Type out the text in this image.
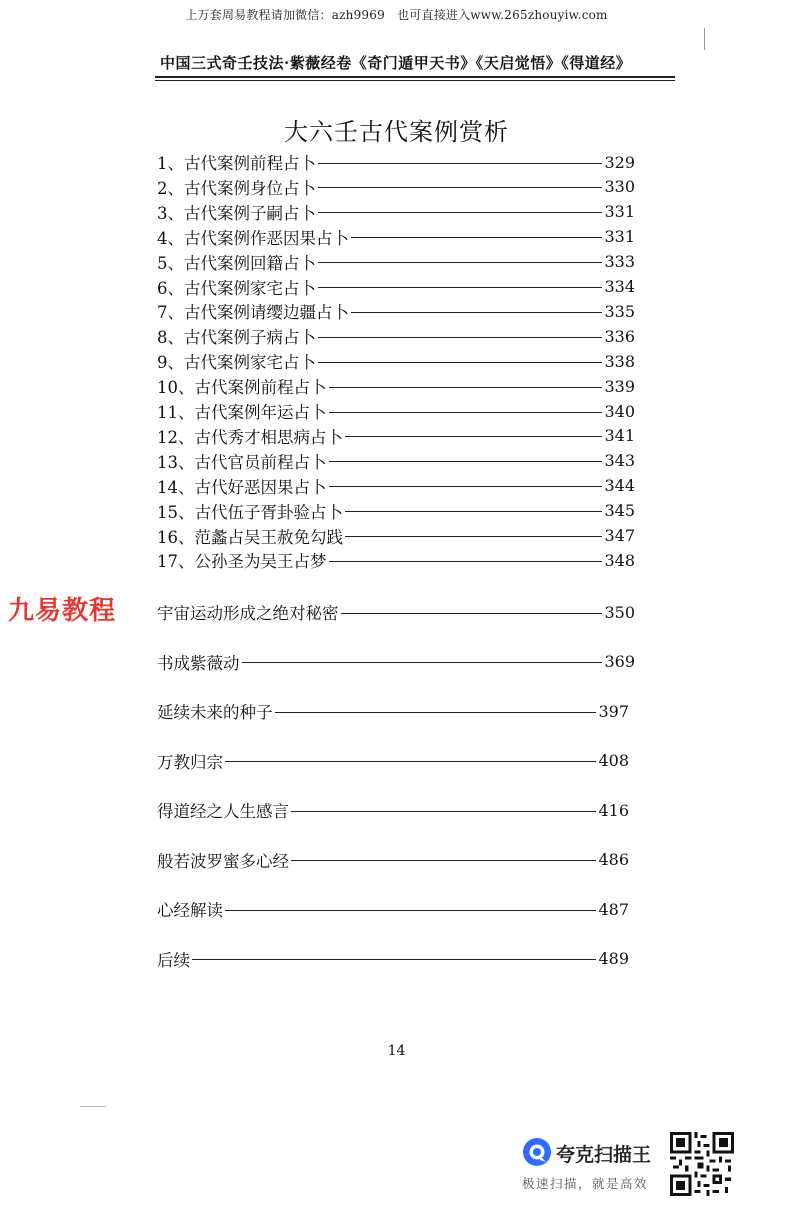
上万套周易教程请加微信：azh9969　也可直接进入www.265zhouyiw.com
中国三式奇壬技法·紫薇经卷《奇门遁甲天书》《天启觉悟》《得道经》
大六壬古代案例赏析
1、古代案例前程占卜	329
2、古代案例身位占卜	330
3、古代案例子嗣占卜	331
4、古代案例作恶因果占卜	331
5、古代案例回籍占卜	333
6、古代案例家宅占卜	334
7、古代案例请缨边疆占卜	335
8、古代案例子病占卜	336
9、古代案例家宅占卜	338
10、古代案例前程占卜	339
11、古代案例年运占卜	340
12、古代秀才相思病占卜	341
13、古代官员前程占卜	343
14、古代好恶因果占卜	344
15、古代伍子胥卦验占卜	345
16、范蠡占吴王赦免勾践	347
17、公孙圣为吴王占梦	348
宇宙运动形成之绝对秘密	350
书成紫薇动	369
延续未来的种子	397
万教归宗	408
得道经之人生感言	416
般若波罗蜜多心经	486
心经解读	487
后续	489
九易教程
14
夸克扫描王
极速扫描，就是高效
